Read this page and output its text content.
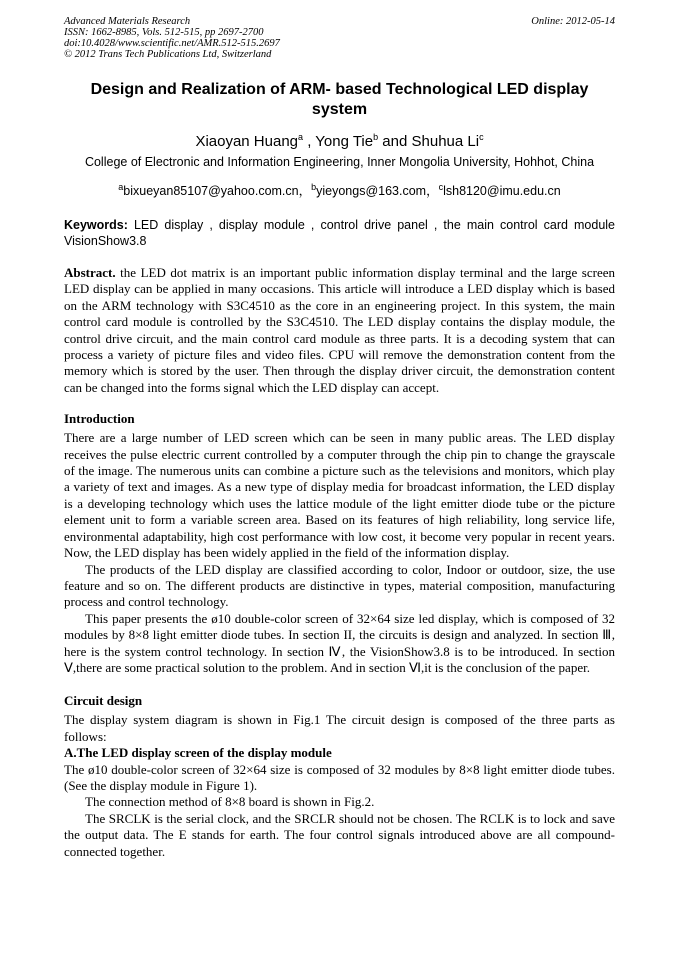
Advanced Materials Research	Online: 2012-05-14
ISSN: 1662-8985, Vols. 512-515, pp 2697-2700
doi:10.4028/www.scientific.net/AMR.512-515.2697
© 2012 Trans Tech Publications Ltd, Switzerland
Design and Realization of ARM- based Technological LED display system
Xiaoyan Huang$^a$ , Yong Tie$^b$ and Shuhua Li$^c$
College of Electronic and Information Engineering, Inner Mongolia University, Hohhot, China
$^a$bixueyan85107@yahoo.com.cn，$^b$yieyongs@163.com，$^c$lsh8120@imu.edu.cn
Keywords: LED display , display module , control drive panel , the main control card module VisionShow3.8
Abstract. the LED dot matrix is an important public information display terminal and the large screen LED display can be applied in many occasions. This article will introduce a LED display which is based on the ARM technology with S3C4510 as the core in an engineering project. In this system, the main control card module is controlled by the S3C4510. The LED display contains the display module, the control drive circuit, and the main control card module as three parts. It is a decoding system that can process a variety of picture files and video files. CPU will remove the demonstration content from the memory which is stored by the user. Then through the display driver circuit, the demonstration content can be changed into the forms signal which the LED display can accept.
Introduction

There are a large number of LED screen which can be seen in many public areas. The LED display receives the pulse electric current controlled by a computer through the chip pin to change the grayscale of the image. The numerous units can combine a picture such as the televisions and monitors, which play a variety of text and images. As a new type of display media for broadcast information, the LED display is a developing technology which uses the lattice module of the light emitter diode tube or the picture element unit to form a variable screen area. Based on its features of high reliability, long service life, environmental adaptability, high cost performance with low cost, it become very popular in recent years. Now, the LED display has been widely applied in the field of the information display.

The products of the LED display are classified according to color, Indoor or outdoor, size, the use feature and so on. The different products are distinctive in types, material composition, manufacturing process and control technology.

This paper presents the ø10 double-color screen of 32×64 size led display, which is composed of 32 modules by 8×8 light emitter diode tubes. In section II, the circuits is design and analyzed. In section Ⅲ, here is the system control technology. In section Ⅳ, the VisionShow3.8 is to be introduced. In section Ⅴ,there are some practical solution to the problem. And in section Ⅵ,it is the conclusion of the paper.

Circuit design

The display system diagram is shown in Fig.1 The circuit design is composed of the three parts as follows:

A.The LED display screen of the display module

The ø10 double-color screen of 32×64 size is composed of 32 modules by 8×8 light emitter diode tubes. (See the display module in Figure 1).

The connection method of 8×8 board is shown in Fig.2.

The SRCLK is the serial clock, and the SRCLR should not be chosen. The RCLK is to lock and save the output data. The E stands for earth. The four control signals introduced above are all compound-connected together.
